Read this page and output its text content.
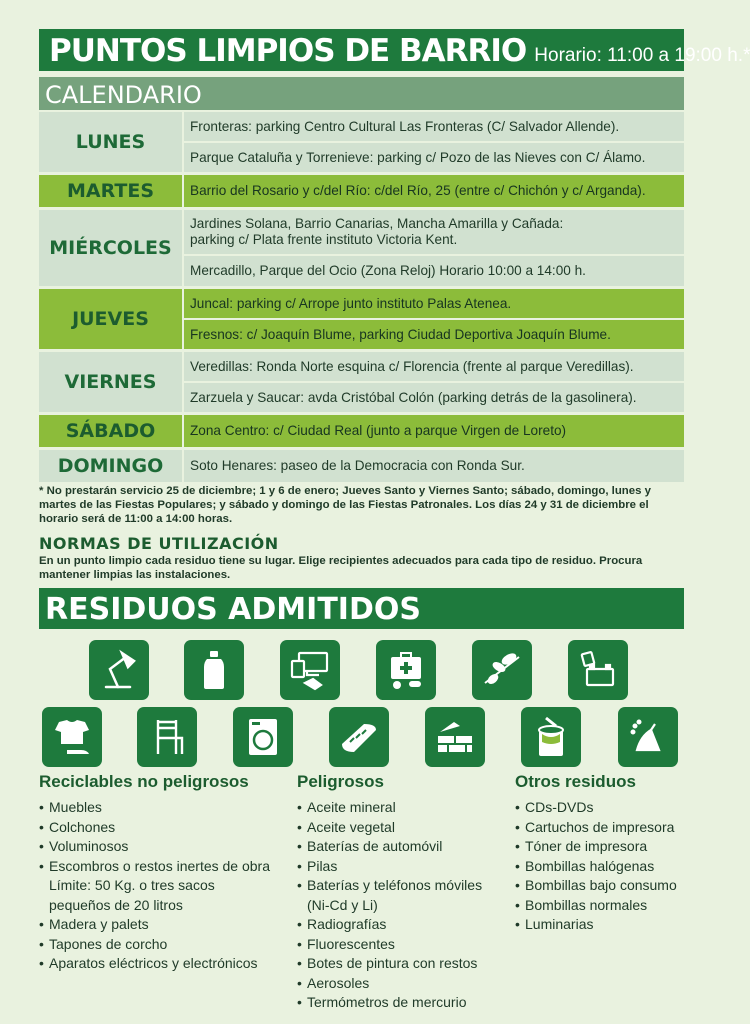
PUNTOS LIMPIOS DE BARRIO Horario: 11:00 a 19:00 h.*
CALENDARIO
LUNES
Fronteras: parking Centro Cultural Las Fronteras (C/ Salvador Allende).
Parque Cataluña y Torrenieve: parking c/ Pozo de las Nieves con C/ Álamo.
MARTES	Barrio del Rosario y c/del Río: c/del Río, 25 (entre c/ Chichón y c/ Arganda).
MIÉRCOLES
Jardines Solana, Barrio Canarias, Mancha Amarilla y Cañada:
parking c/ Plata frente instituto Victoria Kent.
Mercadillo, Parque del Ocio (Zona Reloj) Horario 10:00 a 14:00 h.
JUEVES
Juncal: parking c/ Arrope junto instituto Palas Atenea.
Fresnos: c/ Joaquín Blume, parking Ciudad Deportiva Joaquín Blume.
VIERNES
Veredillas: Ronda Norte esquina c/ Florencia (frente al parque Veredillas).
Zarzuela y Saucar: avda Cristóbal Colón (parking detrás de la gasolinera).
SÁBADO	Zona Centro: c/ Ciudad Real (junto a parque Virgen de Loreto)
DOMINGO	Soto Henares: paseo de la Democracia con Ronda Sur.
* No prestarán servicio 25 de diciembre; 1 y 6 de enero; Jueves Santo y Viernes Santo; sábado, domingo, lunes y martes de las Fiestas Populares; y sábado y domingo de las Fiestas Patronales. Los días 24 y 31 de diciembre el horario será de 11:00 a 14:00 horas.
NORMAS DE UTILIZACIÓN
En un punto limpio cada residuo tiene su lugar. Elige recipientes adecuados para cada tipo de residuo. Procura mantener limpias las instalaciones.
RESIDUOS ADMITIDOS
Reciclables no peligrosos
• Muebles
• Colchones
• Voluminosos
• Escombros o restos inertes de obra
Límite: 50 Kg. o tres sacos
pequeños de 20 litros
• Madera y palets
• Tapones de corcho
• Aparatos eléctricos y electrónicos
Peligrosos
• Aceite mineral
• Aceite vegetal
• Baterías de automóvil
• Pilas
• Baterías y teléfonos móviles
(Ni-Cd y Li)
• Radiografías
• Fluorescentes
• Botes de pintura con restos
• Aerosoles
• Termómetros de mercurio
Otros residuos
• CDs-DVDs
• Cartuchos de impresora
• Tóner de impresora
• Bombillas halógenas
• Bombillas bajo consumo
• Bombillas normales
• Luminarias
